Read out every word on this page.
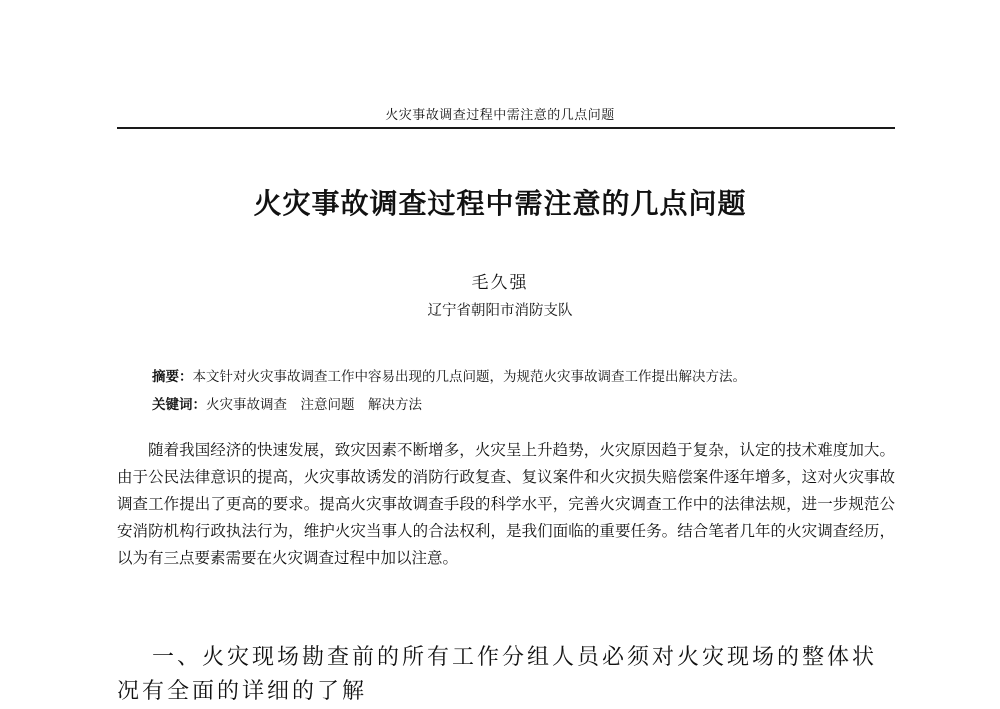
火灾事故调查过程中需注意的几点问题
火灾事故调查过程中需注意的几点问题
毛久强
辽宁省朝阳市消防支队
摘要：本文针对火灾事故调查工作中容易出现的几点问题，为规范火灾事故调查工作提出解决方法。
关键词：火灾事故调查　注意问题　解决方法

随着我国经济的快速发展，致灾因素不断增多，火灾呈上升趋势，火灾原因趋于复杂，认定的技术难度加大。由于公民法律意识的提高，火灾事故诱发的消防行政复查、复议案件和火灾损失赔偿案件逐年增多，这对火灾事故调查工作提出了更高的要求。提高火灾事故调查手段的科学水平，完善火灾调查工作中的法律法规，进一步规范公安消防机构行政执法行为，维护火灾当事人的合法权利，是我们面临的重要任务。结合笔者几年的火灾调查经历，以为有三点要素需要在火灾调查过程中加以注意。

一、火灾现场勘查前的所有工作分组人员必须对火灾现场的整体状况有全面的详细的了解
